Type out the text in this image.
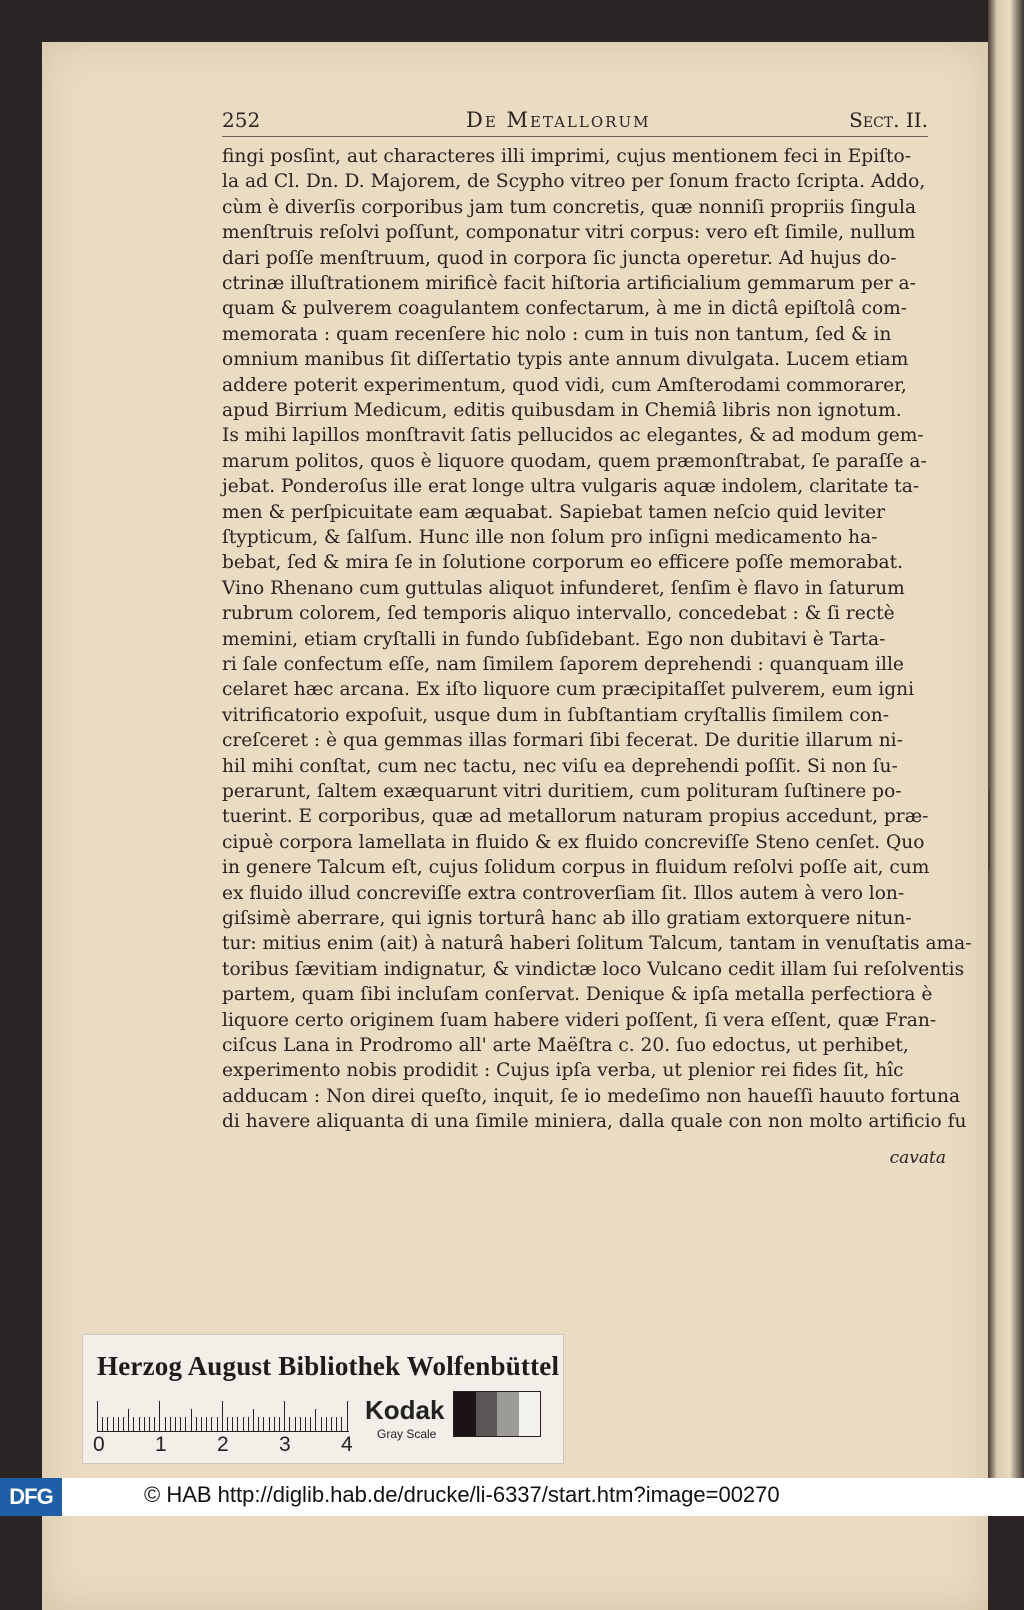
252	De Metallorum	Sect. II.
fingi posſint, aut characteres illi imprimi, cujus mentionem feci in Epiſto-
la ad Cl. Dn. D. Majorem, de Scypho vitreo per ſonum fracto ſcripta. Addo,
cùm è diverſis corporibus jam tum concretis, quæ nonniſi propriis ſingula
menſtruis reſolvi poſſunt, componatur vitri corpus: vero eſt ſimile, nullum
dari poſſe menſtruum, quod in corpora ſic juncta operetur. Ad hujus do-
ctrinæ illuſtrationem mirificè facit hiſtoria artificialium gemmarum per a-
quam & pulverem coagulantem confectarum, à me in dictâ epiſtolâ com-
memorata : quam recenſere hic nolo : cum in tuis non tantum, ſed & in
omnium manibus ſit diſſertatio typis ante annum divulgata. Lucem etiam
addere poterit experimentum, quod vidi, cum Amſterodami commorarer,
apud Birrium Medicum, editis quibusdam in Chemiâ libris non ignotum.
Is mihi lapillos monſtravit ſatis pellucidos ac elegantes, & ad modum gem-
marum politos, quos è liquore quodam, quem præmonſtrabat, ſe paraſſe a-
jebat. Ponderoſus ille erat longe ultra vulgaris aquæ indolem, claritate ta-
men & perſpicuitate eam æquabat. Sapiebat tamen neſcio quid leviter
ſtypticum, & ſalſum. Hunc ille non ſolum pro inſigni medicamento ha-
bebat, ſed & mira ſe in ſolutione corporum eo efficere poſſe memorabat.
Vino Rhenano cum guttulas aliquot infunderet, ſenſim è flavo in ſaturum
rubrum colorem, ſed temporis aliquo intervallo, concedebat : & ſi rectè
memini, etiam cryſtalli in fundo ſubſidebant. Ego non dubitavi è Tarta-
ri ſale confectum eſſe, nam ſimilem ſaporem deprehendi : quanquam ille
celaret hæc arcana. Ex iſto liquore cum præcipitaſſet pulverem, eum igni
vitrificatorio expoſuit, usque dum in ſubſtantiam cryſtallis ſimilem con-
creſceret : è qua gemmas illas formari ſibi fecerat. De duritie illarum ni-
hil mihi conſtat, cum nec tactu, nec viſu ea deprehendi poſſit. Si non ſu-
perarunt, ſaltem exæquarunt vitri duritiem, cum polituram ſuſtinere po-
tuerint. E corporibus, quæ ad metallorum naturam propius accedunt, præ-
cipuè corpora lamellata in fluido & ex fluido concreviſſe Steno cenſet. Quo
in genere Talcum eſt, cujus ſolidum corpus in fluidum reſolvi poſſe ait, cum
ex fluido illud concreviſſe extra controverſiam ſit. Illos autem à vero lon-
giſsimè aberrare, qui ignis torturâ hanc ab illo gratiam extorquere nitun-
tur: mitius enim (ait) à naturâ haberi ſolitum Talcum, tantam in venuſtatis ama-
toribus ſævitiam indignatur, & vindictæ loco Vulcano cedit illam ſui reſolventis
partem, quam ſibi incluſam conſervat. Denique & ipſa metalla perfectiora è
liquore certo originem ſuam habere videri poſſent, ſi vera eſſent, quæ Fran-
ciſcus Lana in Prodromo all' arte Maëſtra c. 20. ſuo edoctus, ut perhibet,
experimento nobis prodidit : Cujus ipſa verba, ut plenior rei fides ſit, hîc
adducam : Non direi queſto, inquit, ſe io medeſimo non haueſſi hauuto fortuna
di havere aliquanta di una ſimile miniera, dalla quale con non molto artificio fu
cavata
Herzog August Bibliothek Wolfenbüttel
0 1 2 3 4
Kodak
Gray Scale
DFG	© HAB http://diglib.hab.de/drucke/li-6337/start.htm?image=00270
